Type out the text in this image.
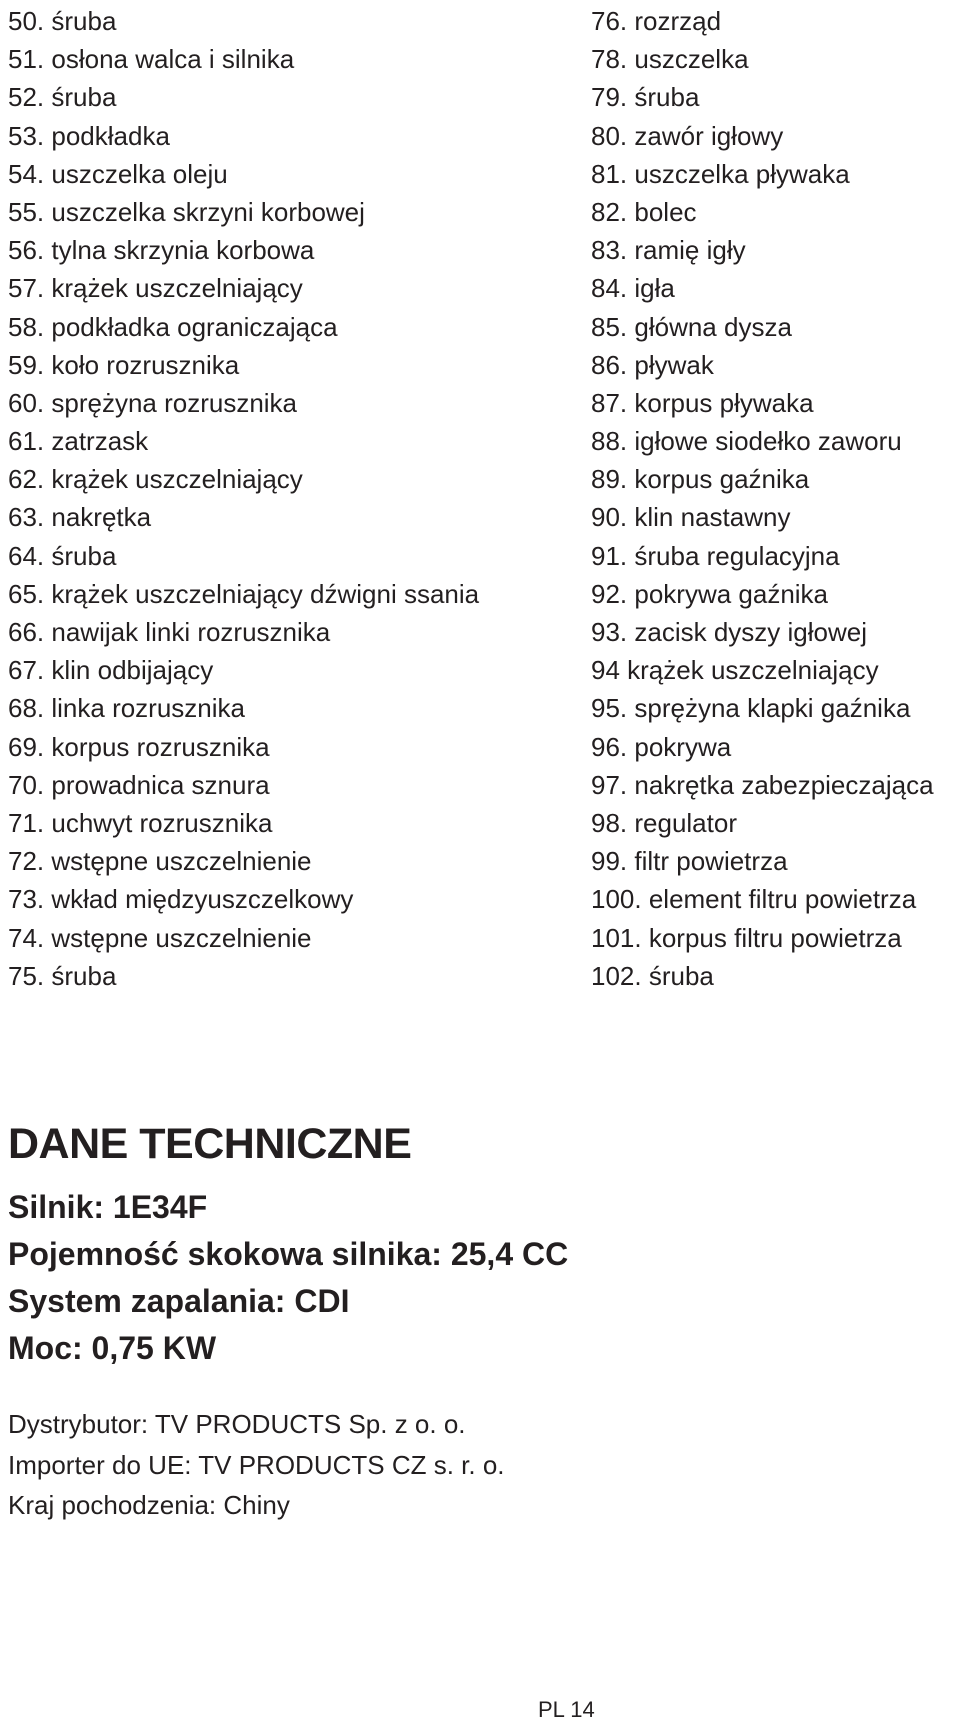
50. śruba
51. osłona walca i silnika
52. śruba
53. podkładka
54. uszczelka oleju
55. uszczelka skrzyni korbowej
56. tylna skrzynia korbowa
57. krążek uszczelniający
58. podkładka ograniczająca
59. koło rozrusznika
60. sprężyna rozrusznika
61. zatrzask
62. krążek uszczelniający
63. nakrętka
64. śruba
65. krążek uszczelniający dźwigni ssania
66. nawijak linki rozrusznika
67. klin odbijający
68. linka rozrusznika
69. korpus rozrusznika
70. prowadnica sznura
71. uchwyt rozrusznika
72. wstępne uszczelnienie
73. wkład międzyuszczelkowy
74. wstępne uszczelnienie
75. śruba
76. rozrząd
78. uszczelka
79. śruba
80. zawór igłowy
81. uszczelka pływaka
82. bolec
83. ramię igły
84. igła
85. główna dysza
86. pływak
87. korpus pływaka
88. igłowe siodełko zaworu
89. korpus gaźnika
90. klin nastawny
91. śruba regulacyjna
92. pokrywa gaźnika
93. zacisk dyszy igłowej
94 krążek uszczelniający
95. sprężyna klapki gaźnika
96. pokrywa
97. nakrętka zabezpieczająca
98. regulator
99. filtr powietrza
100. element filtru powietrza
101. korpus filtru powietrza
102. śruba
DANE TECHNICZNE

Silnik: 1E34F

Pojemność skokowa silnika: 25,4 CC

System zapalania: CDI

Moc: 0,75 KW

Dystrybutor: TV PRODUCTS Sp. z o. o.

Importer do UE: TV PRODUCTS CZ s. r. o.

Kraj pochodzenia: Chiny

PL 14
